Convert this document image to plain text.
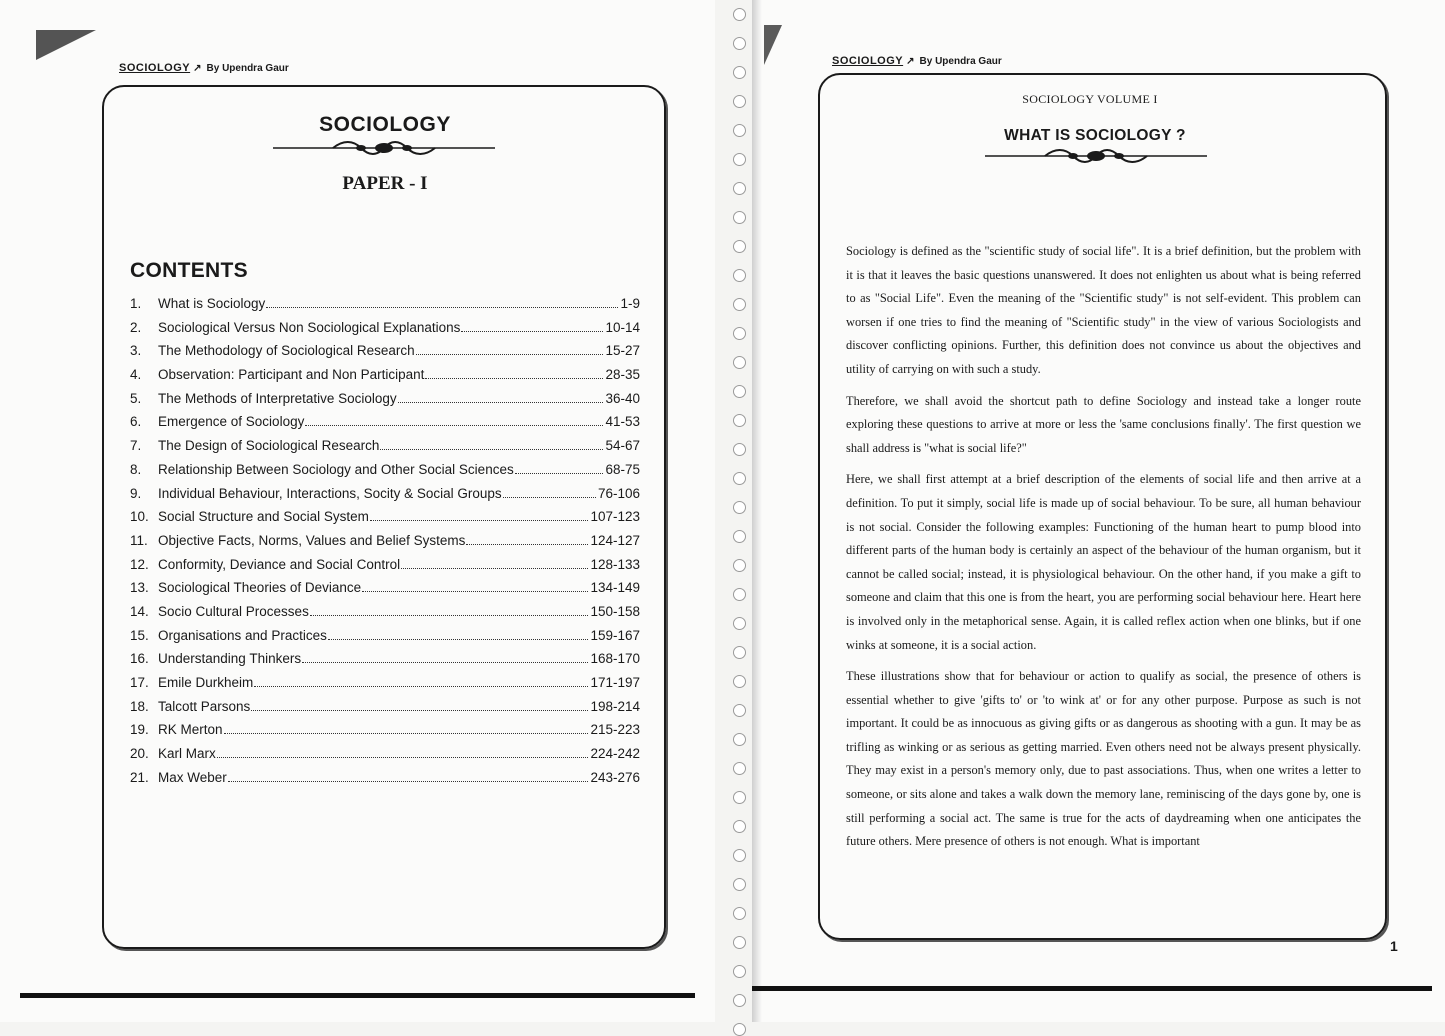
SOCIOLOGY ↗ By Upendra Gaur
SOCIOLOGY
PAPER - I
CONTENTS
1.	What is Sociology	1-9
2.	Sociological Versus Non Sociological Explanations	10-14
3.	The Methodology of Sociological Research	15-27
4.	Observation: Participant and Non Participant	28-35
5.	The Methods of Interpretative Sociology	36-40
6.	Emergence of Sociology	41-53
7.	The Design of Sociological Research	54-67
8.	Relationship Between Sociology and Other Social Sciences	68-75
9.	Individual Behaviour, Interactions, Socity & Social Groups	76-106
10. Social Structure and Social System	107-123
11. Objective Facts, Norms, Values and Belief Systems	124-127
12. Conformity, Deviance and Social Control	128-133
13. Sociological Theories of Deviance	134-149
14. Socio Cultural Processes	150-158
15. Organisations and Practices	159-167
16. Understanding Thinkers	168-170
17. Emile Durkheim	171-197
18. Talcott Parsons	198-214
19. RK Merton	215-223
20. Karl Marx	224-242
21. Max Weber	243-276
SOCIOLOGY ↗ By Upendra Gaur
SOCIOLOGY VOLUME I
WHAT IS SOCIOLOGY ?

Sociology is defined as the "scientific study of social life". It is a brief definition, but the problem with it is that it leaves the basic questions unanswered. It does not enlighten us about what is being referred to as "Social Life". Even the meaning of the "Scientific study" is not self-evident. This problem can worsen if one tries to find the meaning of "Scientific study" in the view of various Sociologists and discover conflicting opinions. Further, this definition does not convince us about the objectives and utility of carrying on with such a study.

Therefore, we shall avoid the shortcut path to define Sociology and instead take a longer route exploring these questions to arrive at more or less the 'same conclusions finally'. The first question we shall address is "what is social life?"

Here, we shall first attempt at a brief description of the elements of social life and then arrive at a definition. To put it simply, social life is made up of social behaviour. To be sure, all human behaviour is not social. Consider the following examples: Functioning of the human heart to pump blood into different parts of the human body is certainly an aspect of the behaviour of the human organism, but it cannot be called social; instead, it is physiological behaviour. On the other hand, if you make a gift to someone and claim that this one is from the heart, you are performing social behaviour here. Heart here is involved only in the metaphorical sense. Again, it is called reflex action when one blinks, but if one winks at someone, it is a social action.

These illustrations show that for behaviour or action to qualify as social, the presence of others is essential whether to give 'gifts to' or 'to wink at' or for any other purpose. Purpose as such is not important. It could be as innocuous as giving gifts or as dangerous as shooting with a gun. It may be as trifling as winking or as serious as getting married. Even others need not be always present physically. They may exist in a person's memory only, due to past associations. Thus, when one writes a letter to someone, or sits alone and takes a walk down the memory lane, reminiscing of the days gone by, one is still performing a social act. The same is true for the acts of daydreaming when one anticipates the future others. Mere presence of others is not enough. What is important

1
